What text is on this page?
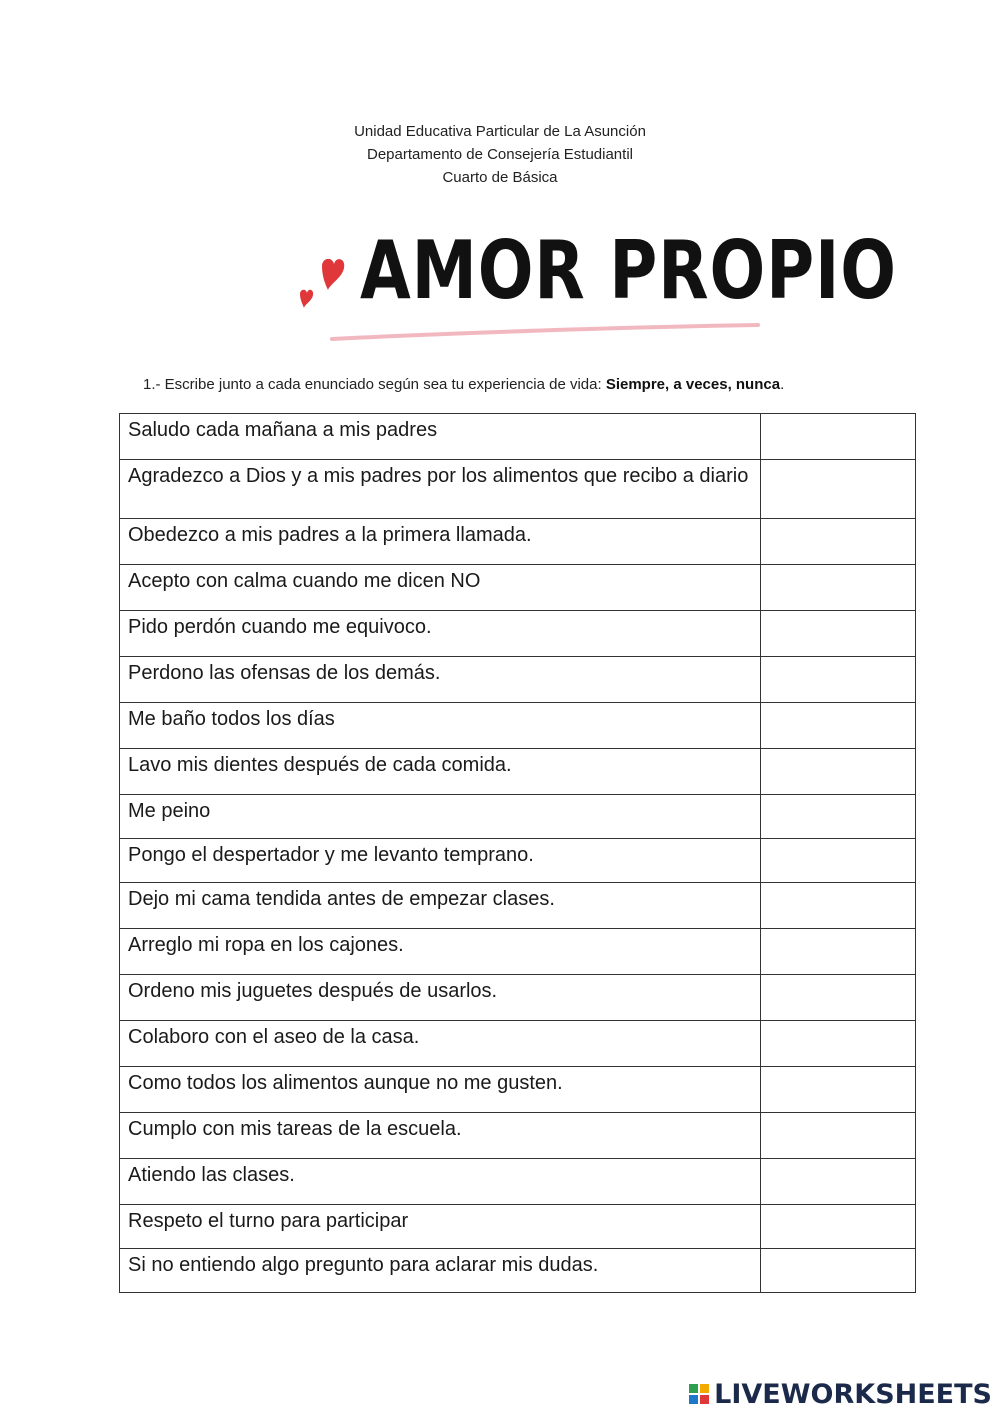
Unidad Educativa Particular de La Asunción
Departamento de Consejería Estudiantil
Cuarto de Básica
AMOR PROPIO
1.- Escribe junto a cada enunciado según sea tu experiencia de vida: Siempre, a veces, nunca.
Saludo cada mañana a mis padres	
Agradezco a Dios y a mis padres por los alimentos que recibo a diario	
Obedezco a mis padres a la primera llamada.	
Acepto con calma cuando me dicen NO	
Pido perdón cuando me equivoco.	
Perdono las ofensas de los demás.	
Me baño todos los días	
Lavo mis dientes después de cada comida.	
Me peino	
Pongo el despertador y me levanto temprano.	
Dejo mi cama tendida antes de empezar clases.	
Arreglo mi ropa en los cajones.	
Ordeno mis juguetes después de usarlos.	
Colaboro con el aseo de la casa.	
Como todos los alimentos aunque no me gusten.	
Cumplo con mis tareas de la escuela.	
Atiendo las clases.	
Respeto el turno para participar	
Si no entiendo algo pregunto para aclarar mis dudas.	
LIVEWORKSHEETS
